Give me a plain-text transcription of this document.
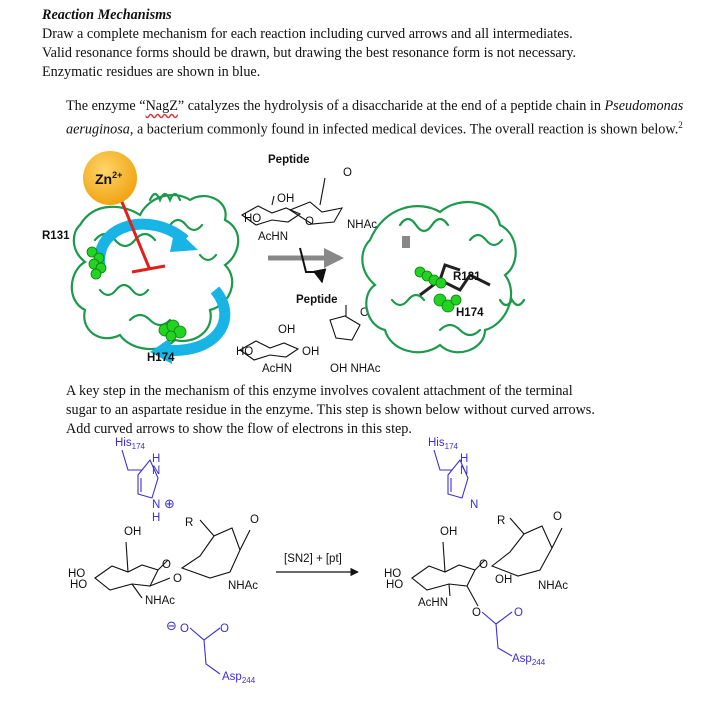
Reaction Mechanisms
Draw a complete mechanism for each reaction including curved arrows and all intermediates.
Valid resonance forms should be drawn, but drawing the best resonance form is not necessary.
Enzymatic residues are shown in blue.
The enzyme “NagZ” catalyzes the hydrolysis of a disaccharide at the end of a peptide chain in Pseudomonas aeruginosa, a bacterium commonly found in infected medical devices. The overall reaction is shown below.$^2$
A key step in the mechanism of this enzyme involves covalent attachment of the terminal
sugar to an aspartate residue in the enzyme. This step is shown below without curved arrows.
Add curved arrows to show the flow of electrons in this step.
$Zn^{2+}$
R131
H174
Peptide
O
OH
HO	O	NHAc
AcHN
Peptide
O
OH
HO	OH
AcHN	OH NHAc
R131
H174
His$_{174}$
H
N
N ⊕
H
OH
HO
HO
O
O
R	O
NHAc
NHAc
⊖ O	O
Asp$_{244}$
[SN2] + [pt]
His$_{174}$
H
N
N
OH
HO
HO
O
OH
R	O
NHAc
AcHN
O	O
Asp$_{244}$
